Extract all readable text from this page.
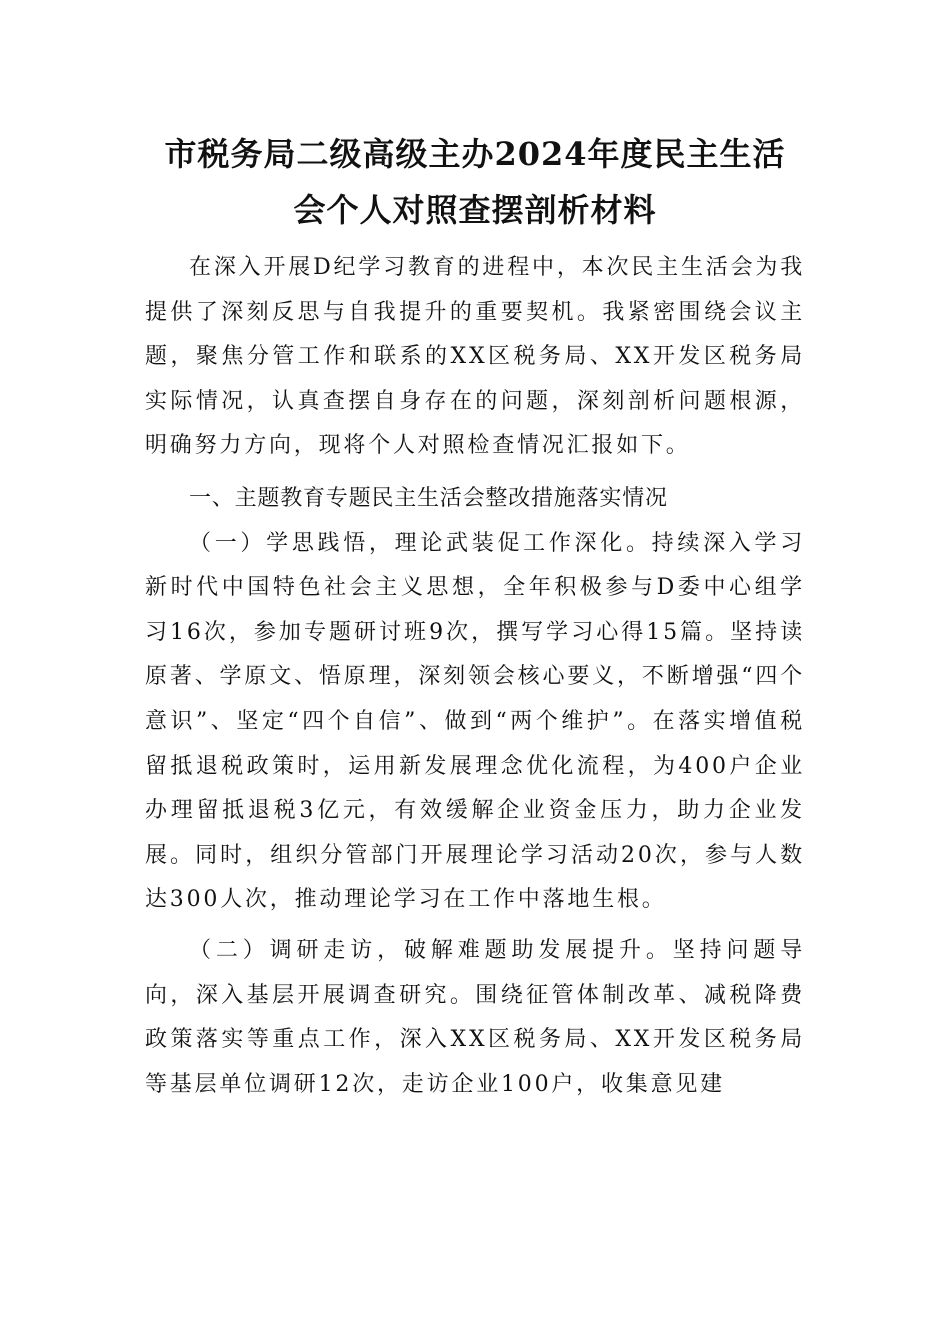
市税务局二级高级主办2024年度民主生活
会个人对照查摆剖析材料

在深入开展D纪学习教育的进程中，本次民主生活会为我提供了深刻反思与自我提升的重要契机。我紧密围绕会议主题，聚焦分管工作和联系的XX区税务局、XX开发区税务局实际情况，认真查摆自身存在的问题，深刻剖析问题根源，明确努力方向，现将个人对照检查情况汇报如下。

一、主题教育专题民主生活会整改措施落实情况

（一）学思践悟，理论武装促工作深化。持续深入学习新时代中国特色社会主义思想，全年积极参与D委中心组学习16次，参加专题研讨班9次，撰写学习心得15篇。坚持读原著、学原文、悟原理，深刻领会核心要义，不断增强“四个意识”、坚定“四个自信”、做到“两个维护”。在落实增值税留抵退税政策时，运用新发展理念优化流程，为400户企业办理留抵退税3亿元，有效缓解企业资金压力，助力企业发展。同时，组织分管部门开展理论学习活动20次，参与人数达300人次，推动理论学习在工作中落地生根。

（二）调研走访，破解难题助发展提升。坚持问题导向，深入基层开展调查研究。围绕征管体制改革、减税降费政策落实等重点工作，深入XX区税务局、XX开发区税务局等基层单位调研12次，走访企业100户，收集意见建
